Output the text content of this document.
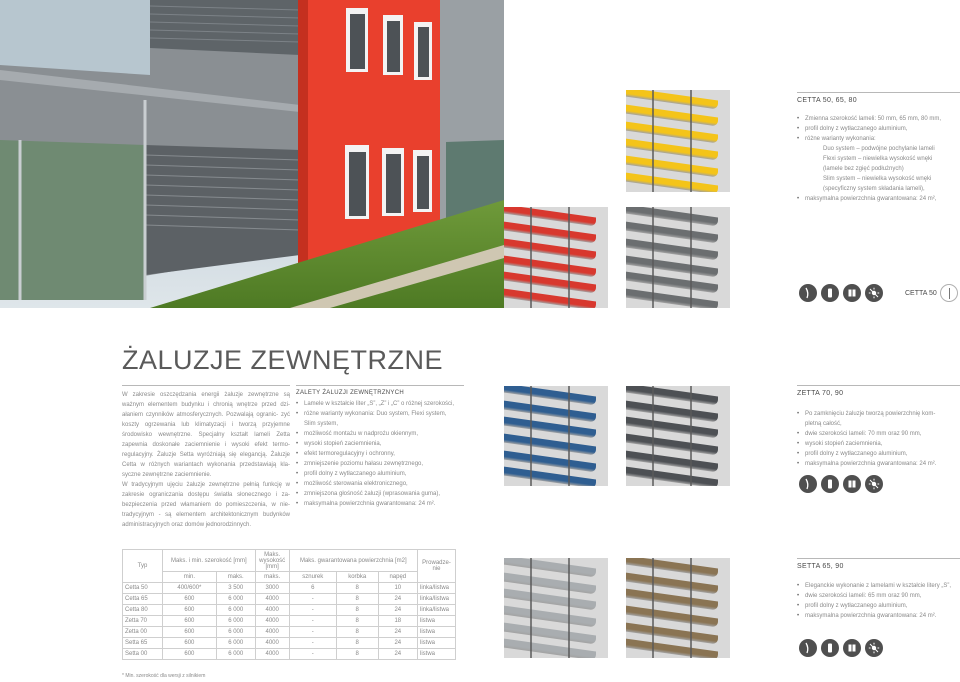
CETTA 50, 65, 80
• Zmienna szerokość lameli: 50 mm, 65 mm, 80 mm,
• profil dolny z wytłaczanego aluminium,
• różne warianty wykonania:
Duo system – podwójne pochylanie lameli
Flexi system – niewielka wysokość wnęki
(lamele bez zgięć podłużnych)
Slim system – niewielka wysokość wnęki
(specyficzny system składania lameli),
• maksymalna powierzchnia gwarantowana: 24 m²,
CETTA 50
ŻALUZJE ZEWNĘTRZNE

W zakresie oszczędzania energii żaluzje zewnętrzne są ważnym elementem budynku i chronią wnętrze przed dzi- ałaniem czynników atmosferycznych. Pozwalają ogranic- zyć koszty ogrzewania lub klimatyzacji i tworzą przyjemne środowisko wewnętrzne. Specjalny kształt lameli Zetta zapewnia doskonałe zaciemnienie i wysoki efekt termo- regulacyjny. Żaluzje Setta wyróżniają się elegancją. Żaluzje Cetta w różnych wariantach wykonania przedstawiają kla- syczne zewnętrzne zaciemnienie.

W tradycyjnym ujęciu żaluzje zewnętrzne pełnią funkcję w zakresie ograniczania dostępu światła słonecznego i za- bezpieczenia przed włamaniem do pomieszczenia, w nie- tradycyjnym - są elementem architektonicznym budynków administracyjnych oraz domów jednorodzinnych.

ZALETY ŻALUZJI ZEWNĘTRZNYCH
• Lamele w kształcie liter „S”, „Z” i „C” o różnej szerokości,
• różne warianty wykonania: Duo system, Flexi system,
Slim system,
• możliwość montażu w nadprożu okiennym,
• wysoki stopień zaciemnienia,
• efekt termoregulacyjny i ochronny,
• zmniejszenie poziomu hałasu zewnętrznego,
• profil dolny z wytłaczanego aluminium,
• możliwość sterowania elektronicznego,
• zmniejszona głośność żaluzji (wprasowania guma),
• maksymalna powierzchnia gwarantowana: 24 m².
ZETTA 70, 90
• Po zamknięciu żaluzje tworzą powierzchnię kom-
pletną całość,
• dwie szerokości lameli: 70 mm oraz 90 mm,
• wysoki stopień zaciemnienia,
• profil dolny z wytłaczanego aluminium,
• maksymalna powierzchnia gwarantowana: 24 m².
SETTA 65, 90
• Eleganckie wykonanie z lamelami w kształcie litery „S”,
• dwie szerokości lameli: 65 mm oraz 90 mm,
• profil dolny z wytłaczanego aluminium,
• maksymalna powierzchnia gwarantowana: 24 m².
Typ	Maks. i min. szerokość [mm]		Maks. wysokość [mm]	Maks. gwarantowana powierzchnia [m2]			Prowadze- nie

	min.	maks.	maks.	sznurek	korbka	napęd	
Cetta 50	400/600*	3 500	3000	6	8	10	linka/listwa
Cetta 65	600	6 000	4000	-	8	24	linka/listwa
Cetta 80	600	6 000	4000	-	8	24	linka/listwa
Zetta 70	600	6 000	4000	-	8	18	listwa
Zetta 00	600	6 000	4000	-	8	24	listwa
Setta 65	600	6 000	4000	-	8	24	listwa
Setta 00	600	6 000	4000	-	8	24	listwa
* Min. szerokość dla wersji z silnikiem
